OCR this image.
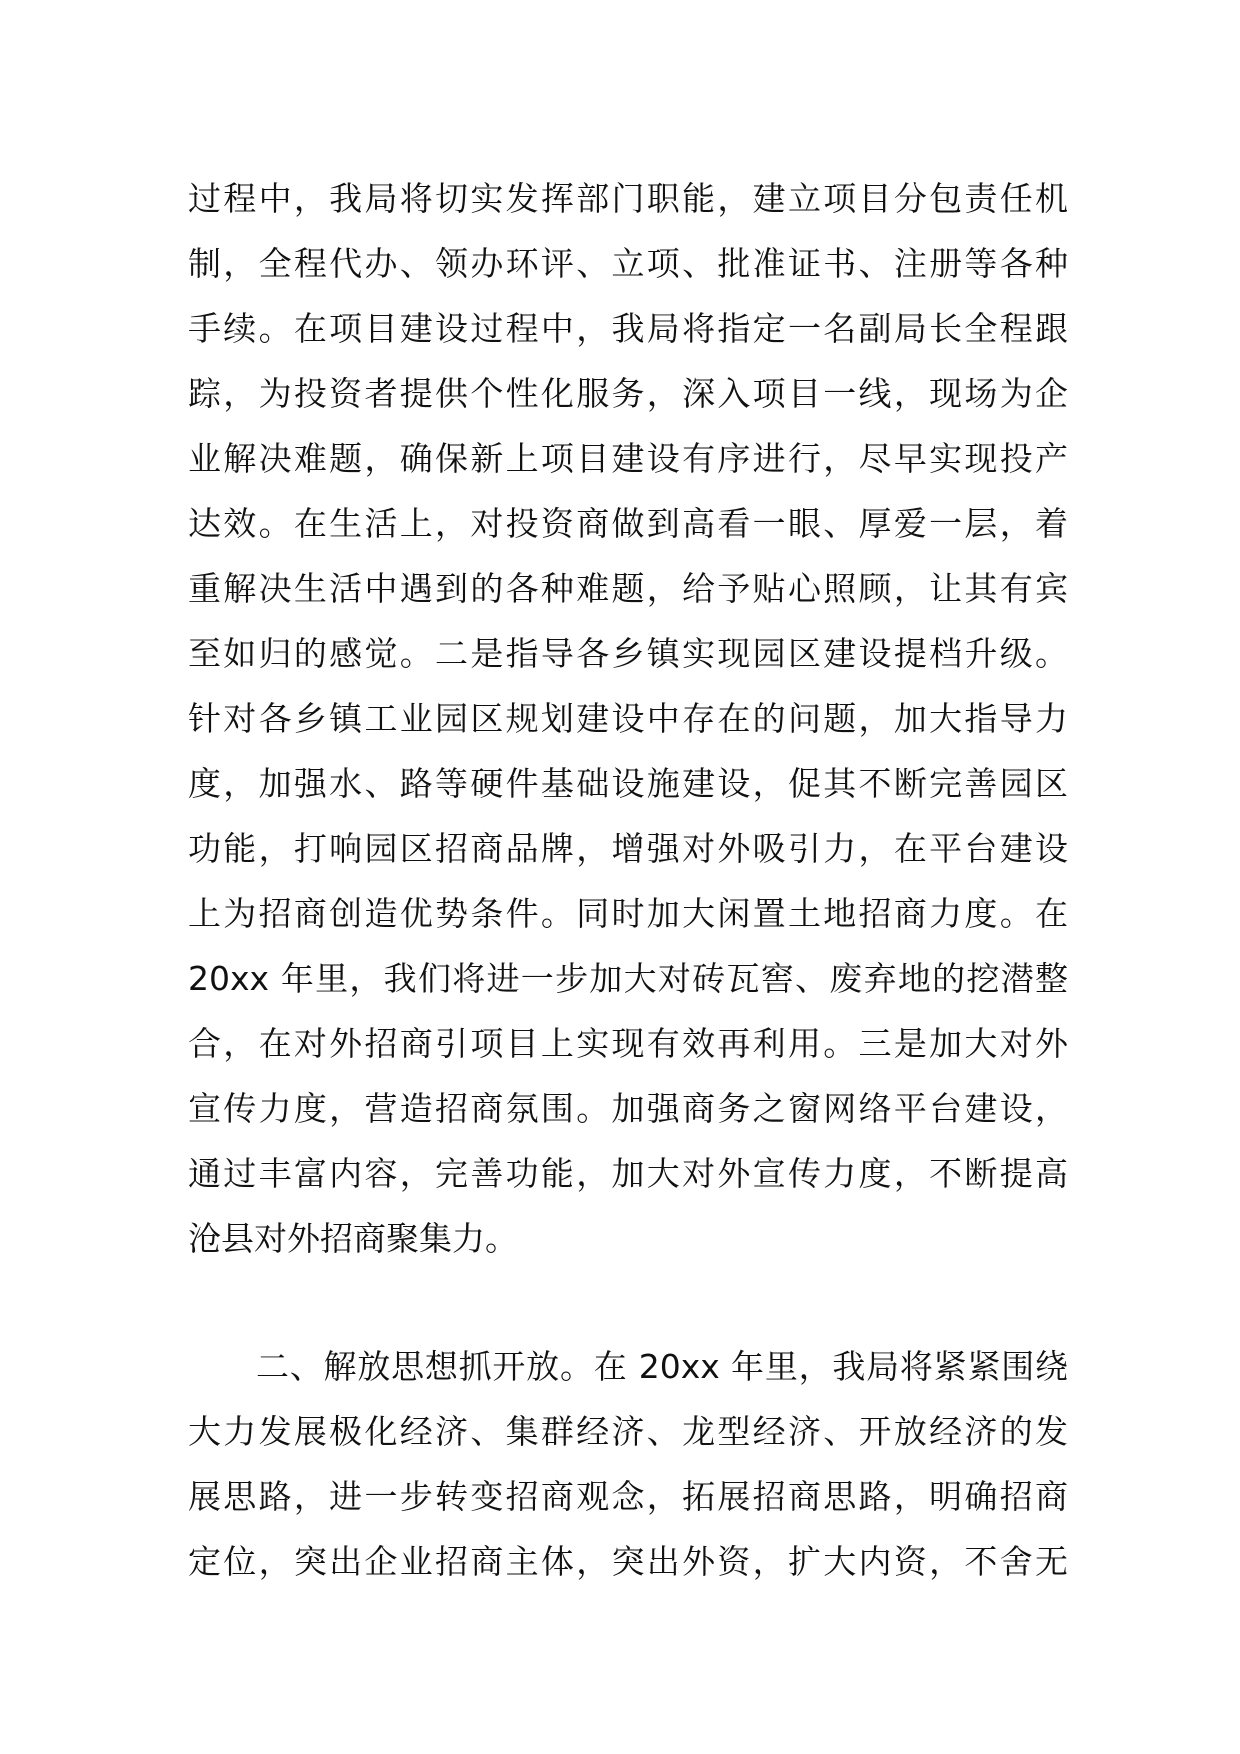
过程中，我局将切实发挥部门职能，建立项目分包责任机
制，全程代办、领办环评、立项、批准证书、注册等各种
手续。在项目建设过程中，我局将指定一名副局长全程跟
踪，为投资者提供个性化服务，深入项目一线，现场为企
业解决难题，确保新上项目建设有序进行，尽早实现投产
达效。在生活上，对投资商做到高看一眼、厚爱一层，着
重解决生活中遇到的各种难题，给予贴心照顾，让其有宾
至如归的感觉。二是指导各乡镇实现园区建设提档升级。
针对各乡镇工业园区规划建设中存在的问题，加大指导力
度，加强水、路等硬件基础设施建设，促其不断完善园区
功能，打响园区招商品牌，增强对外吸引力，在平台建设
上为招商创造优势条件。同时加大闲置土地招商力度。在
20xx 年里，我们将进一步加大对砖瓦窖、废弃地的挖潜整
合，在对外招商引项目上实现有效再利用。三是加大对外
宣传力度，营造招商氛围。加强商务之窗网络平台建设，
通过丰富内容，完善功能，加大对外宣传力度，不断提高
沧县对外招商聚集力。
二、解放思想抓开放。在 20xx 年里，我局将紧紧围绕
大力发展极化经济、集群经济、龙型经济、开放经济的发
展思路，进一步转变招商观念，拓展招商思路，明确招商
定位，突出企业招商主体，突出外资，扩大内资，不舍无
